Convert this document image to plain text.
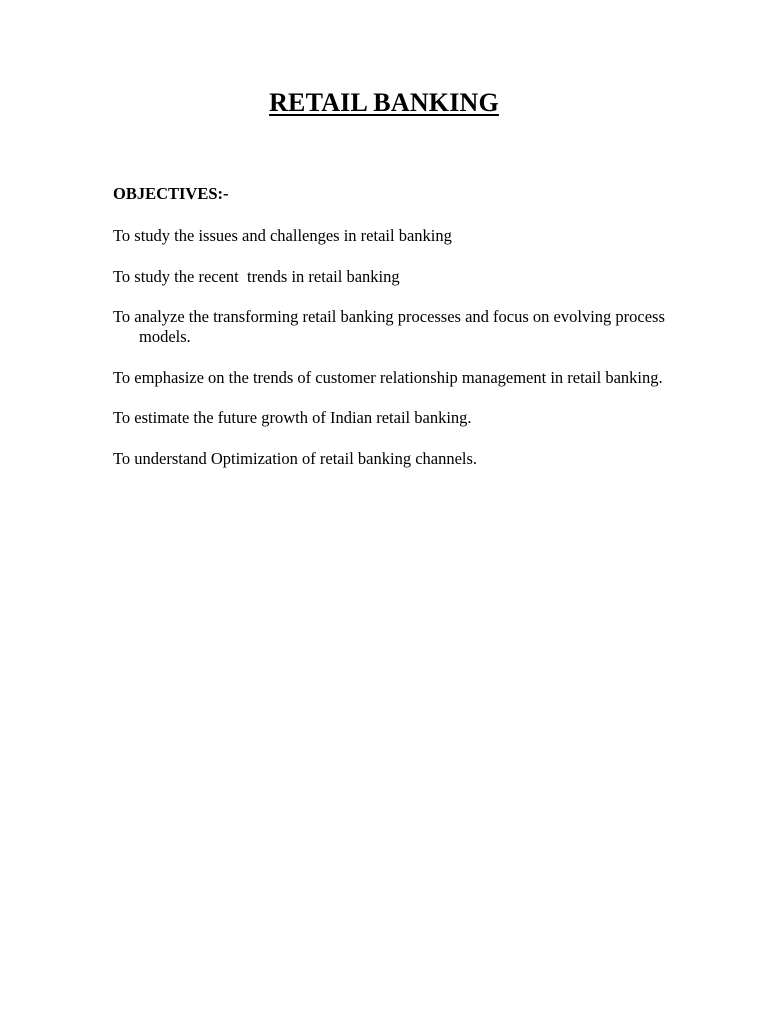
RETAIL BANKING
OBJECTIVES:-
To study the issues and challenges in retail banking
To study the recent  trends in retail banking
To analyze the transforming retail banking processes and focus on evolving process models.
To emphasize on the trends of customer relationship management in retail banking.
To estimate the future growth of Indian retail banking.
To understand Optimization of retail banking channels.
